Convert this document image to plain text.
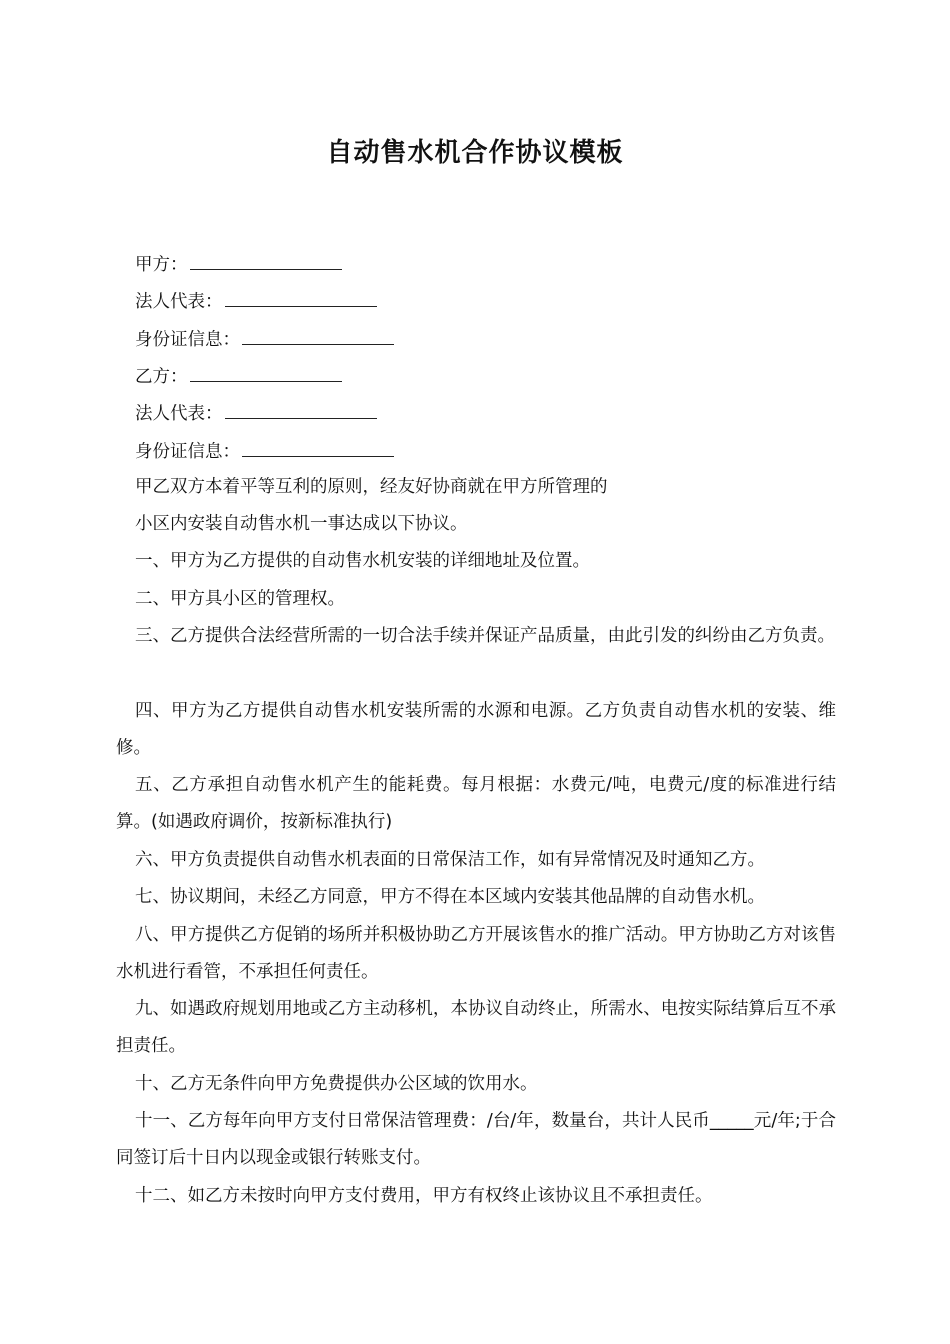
自动售水机合作协议模板
甲方：
法人代表：
身份证信息：
乙方：
法人代表：
身份证信息：
甲乙双方本着平等互利的原则，经友好协商就在甲方所管理的
小区内安装自动售水机一事达成以下协议。
一、甲方为乙方提供的自动售水机安装的详细地址及位置。
二、甲方具小区的管理权。
三、乙方提供合法经营所需的一切合法手续并保证产品质量，由此引发的纠纷由乙方负责。
四、甲方为乙方提供自动售水机安装所需的水源和电源。乙方负责自动售水机的安装、维修。
五、乙方承担自动售水机产生的能耗费。每月根据：水费元/吨，电费元/度的标准进行结算。(如遇政府调价，按新标准执行)
六、甲方负责提供自动售水机表面的日常保洁工作，如有异常情况及时通知乙方。
七、协议期间，未经乙方同意，甲方不得在本区域内安装其他品牌的自动售水机。
八、甲方提供乙方促销的场所并积极协助乙方开展该售水的推广活动。甲方协助乙方对该售水机进行看管，不承担任何责任。
九、如遇政府规划用地或乙方主动移机，本协议自动终止，所需水、电按实际结算后互不承担责任。
十、乙方无条件向甲方免费提供办公区域的饮用水。
十一、乙方每年向甲方支付日常保洁管理费：/台/年，数量台，共计人民币_____元/年;于合同签订后十日内以现金或银行转账支付。
十二、如乙方未按时向甲方支付费用，甲方有权终止该协议且不承担责任。
